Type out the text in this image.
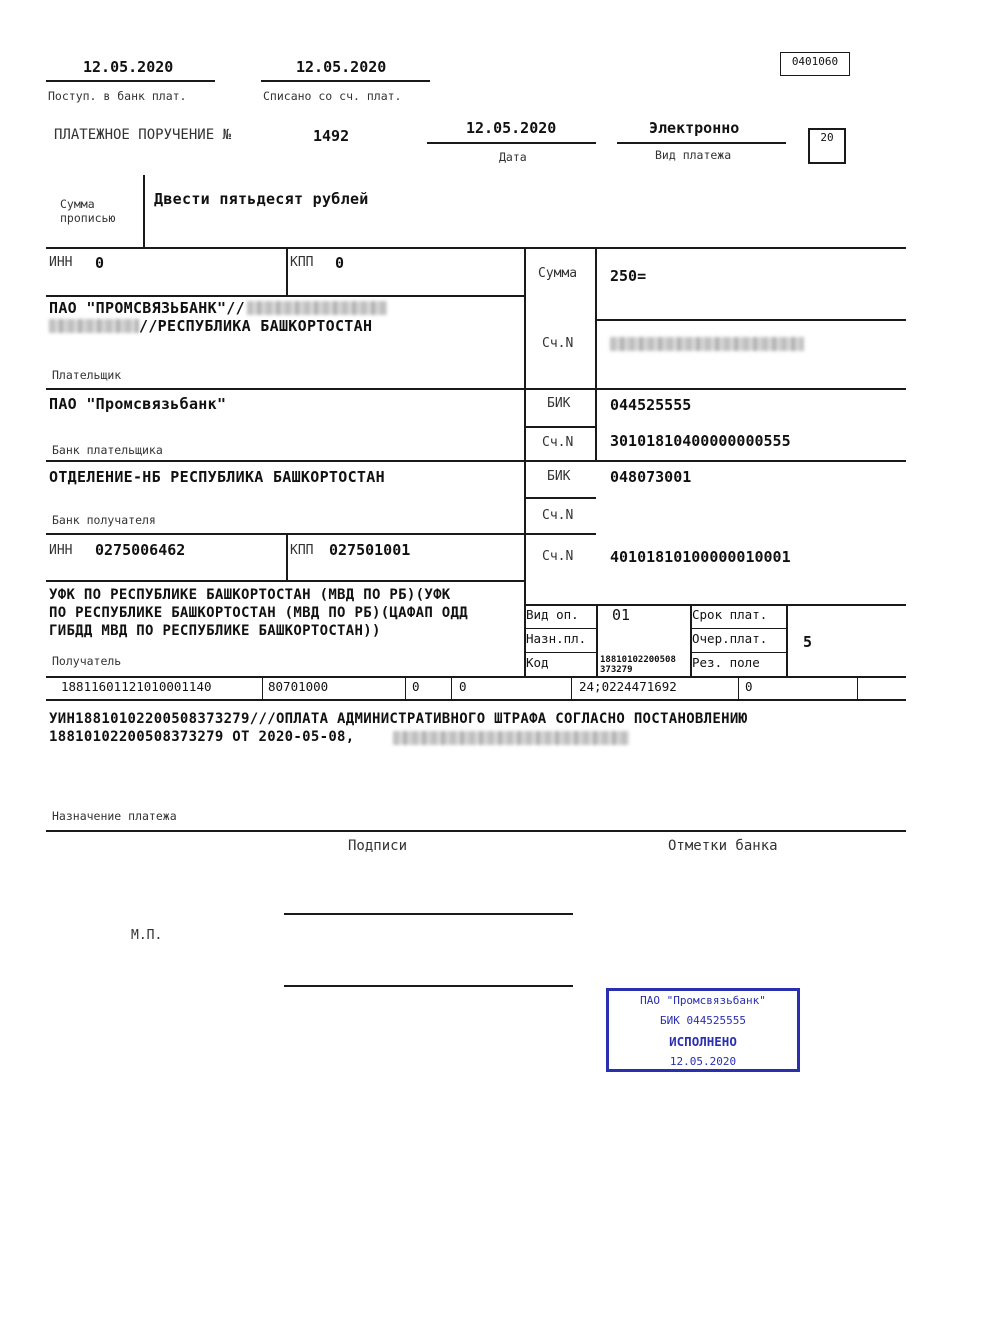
12.05.2020
Поступ. в банк плат.
12.05.2020
Списано со сч. плат.
0401060
ПЛАТЕЖНОЕ ПОРУЧЕНИЕ №	1492	12.05.2020
Дата
Электронно
Вид платежа
20
Сумма
прописью
Двести пятьдесят рублей
ИНН 0	КПП 0
ПАО "ПРОМСВЯЗЬБАНК"//
//РЕСПУБЛИКА БАШКОРТОСТАН
Плательщик
Сумма 250=
Сч.N
ПАО "Промсвязьбанк"
Банк плательщика
БИК	044525555
Сч.N 30101810400000000555
ОТДЕЛЕНИЕ-НБ РЕСПУБЛИКА БАШКОРТОСТАН
Банк получателя
БИК	048073001
Сч.N
ИНН 0275006462	КПП 027501001	Сч.N 40101810100000010001
УФК ПО РЕСПУБЛИКЕ БАШКОРТОСТАН (МВД ПО РБ)(УФК
ПО РЕСПУБЛИКЕ БАШКОРТОСТАН (МВД ПО РБ)(ЦАФАП ОДД
ГИБДД МВД ПО РЕСПУБЛИКЕ БАШКОРТОСТАН))
Получатель
Вид оп. 01
Назн.пл.
Код	18810102200508
373279
Срок плат.
Очер.плат. 5
Рез. поле
18811601121010001140	80701000	0	0	24;0224471692	0
УИН18810102200508373279///ОПЛАТА АДМИНИСТРАТИВНОГО ШТРАФА СОГЛАСНО ПОСТАНОВЛЕНИЮ
18810102200508373279 ОТ 2020-05-08,
Назначение платежа
Подписи	Отметки банка
М.П.
ПАО "Промсвязьбанк"
БИК 044525555
ИСПОЛНЕНО
12.05.2020
